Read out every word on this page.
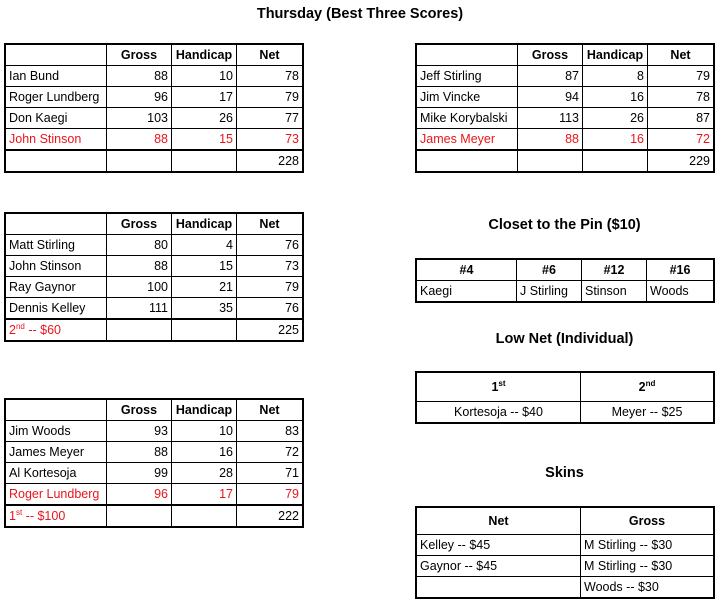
Thursday (Best Three Scores)
	Gross	Handicap	Net
Ian Bund	88	10	78
Roger Lundberg	96	17	79
Don Kaegi	103	26	77
John Stinson	88	15	73
			228
	Gross	Handicap	Net
Jeff Stirling	87	8	79
Jim Vincke	94	16	78
Mike Korybalski	113	26	87
James Meyer	88	16	72
			229
	Gross	Handicap	Net
Matt Stirling	80	4	76
John Stinson	88	15	73
Ray Gaynor	100	21	79
Dennis Kelley	111	35	76
2nd -- $60			225
	Gross	Handicap	Net
Jim Woods	93	10	83
James Meyer	88	16	72
Al Kortesoja	99	28	71
Roger Lundberg	96	17	79
1st -- $100			222
Closet to the Pin ($10)
#4	#6	#12	#16
Kaegi	J Stirling	Stinson	Woods
Low Net (Individual)
1st	2nd
Kortesoja -- $40	Meyer -- $25
Skins
Net	Gross
Kelley -- $45	M Stirling -- $30
Gaynor -- $45	M Stirling -- $30
	Woods -- $30
